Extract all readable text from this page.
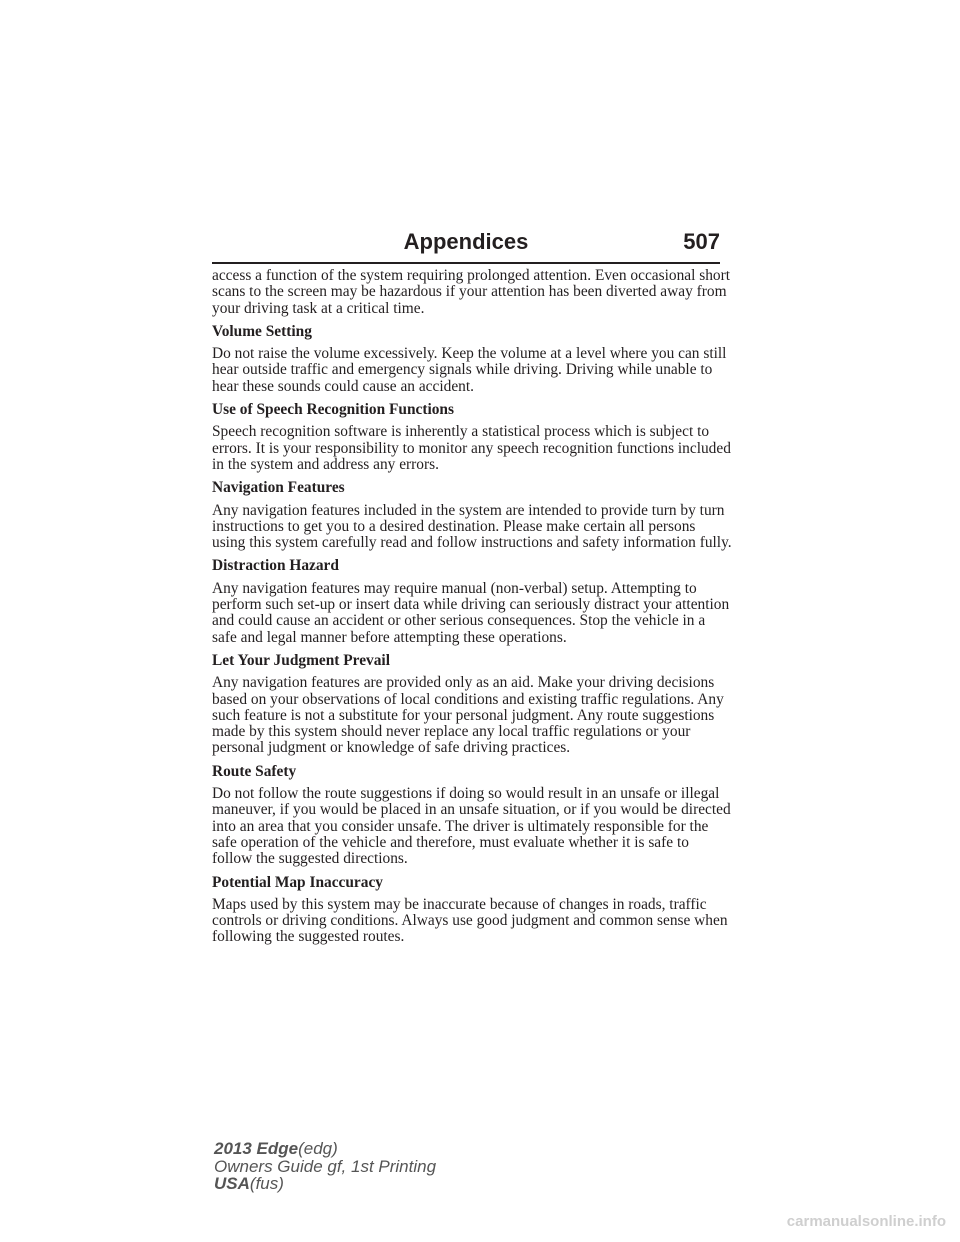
Appendices	507

access a function of the system requiring prolonged attention. Even occasional short scans to the screen may be hazardous if your attention has been diverted away from your driving task at a critical time.

Volume Setting

Do not raise the volume excessively. Keep the volume at a level where you can still hear outside traffic and emergency signals while driving. Driving while unable to hear these sounds could cause an accident.

Use of Speech Recognition Functions

Speech recognition software is inherently a statistical process which is subject to errors. It is your responsibility to monitor any speech recognition functions included in the system and address any errors.

Navigation Features

Any navigation features included in the system are intended to provide turn by turn instructions to get you to a desired destination. Please make certain all persons using this system carefully read and follow instructions and safety information fully.

Distraction Hazard

Any navigation features may require manual (non-verbal) setup. Attempting to perform such set-up or insert data while driving can seriously distract your attention and could cause an accident or other serious consequences. Stop the vehicle in a safe and legal manner before attempting these operations.

Let Your Judgment Prevail

Any navigation features are provided only as an aid. Make your driving decisions based on your observations of local conditions and existing traffic regulations. Any such feature is not a substitute for your personal judgment. Any route suggestions made by this system should never replace any local traffic regulations or your personal judgment or knowledge of safe driving practices.

Route Safety

Do not follow the route suggestions if doing so would result in an unsafe or illegal maneuver, if you would be placed in an unsafe situation, or if you would be directed into an area that you consider unsafe. The driver is ultimately responsible for the safe operation of the vehicle and therefore, must evaluate whether it is safe to follow the suggested directions.

Potential Map Inaccuracy

Maps used by this system may be inaccurate because of changes in roads, traffic controls or driving conditions. Always use good judgment and common sense when following the suggested routes.

2013 Edge(edg)
Owners Guide gf, 1st Printing
USA(fus)
carmanualsonline.info
